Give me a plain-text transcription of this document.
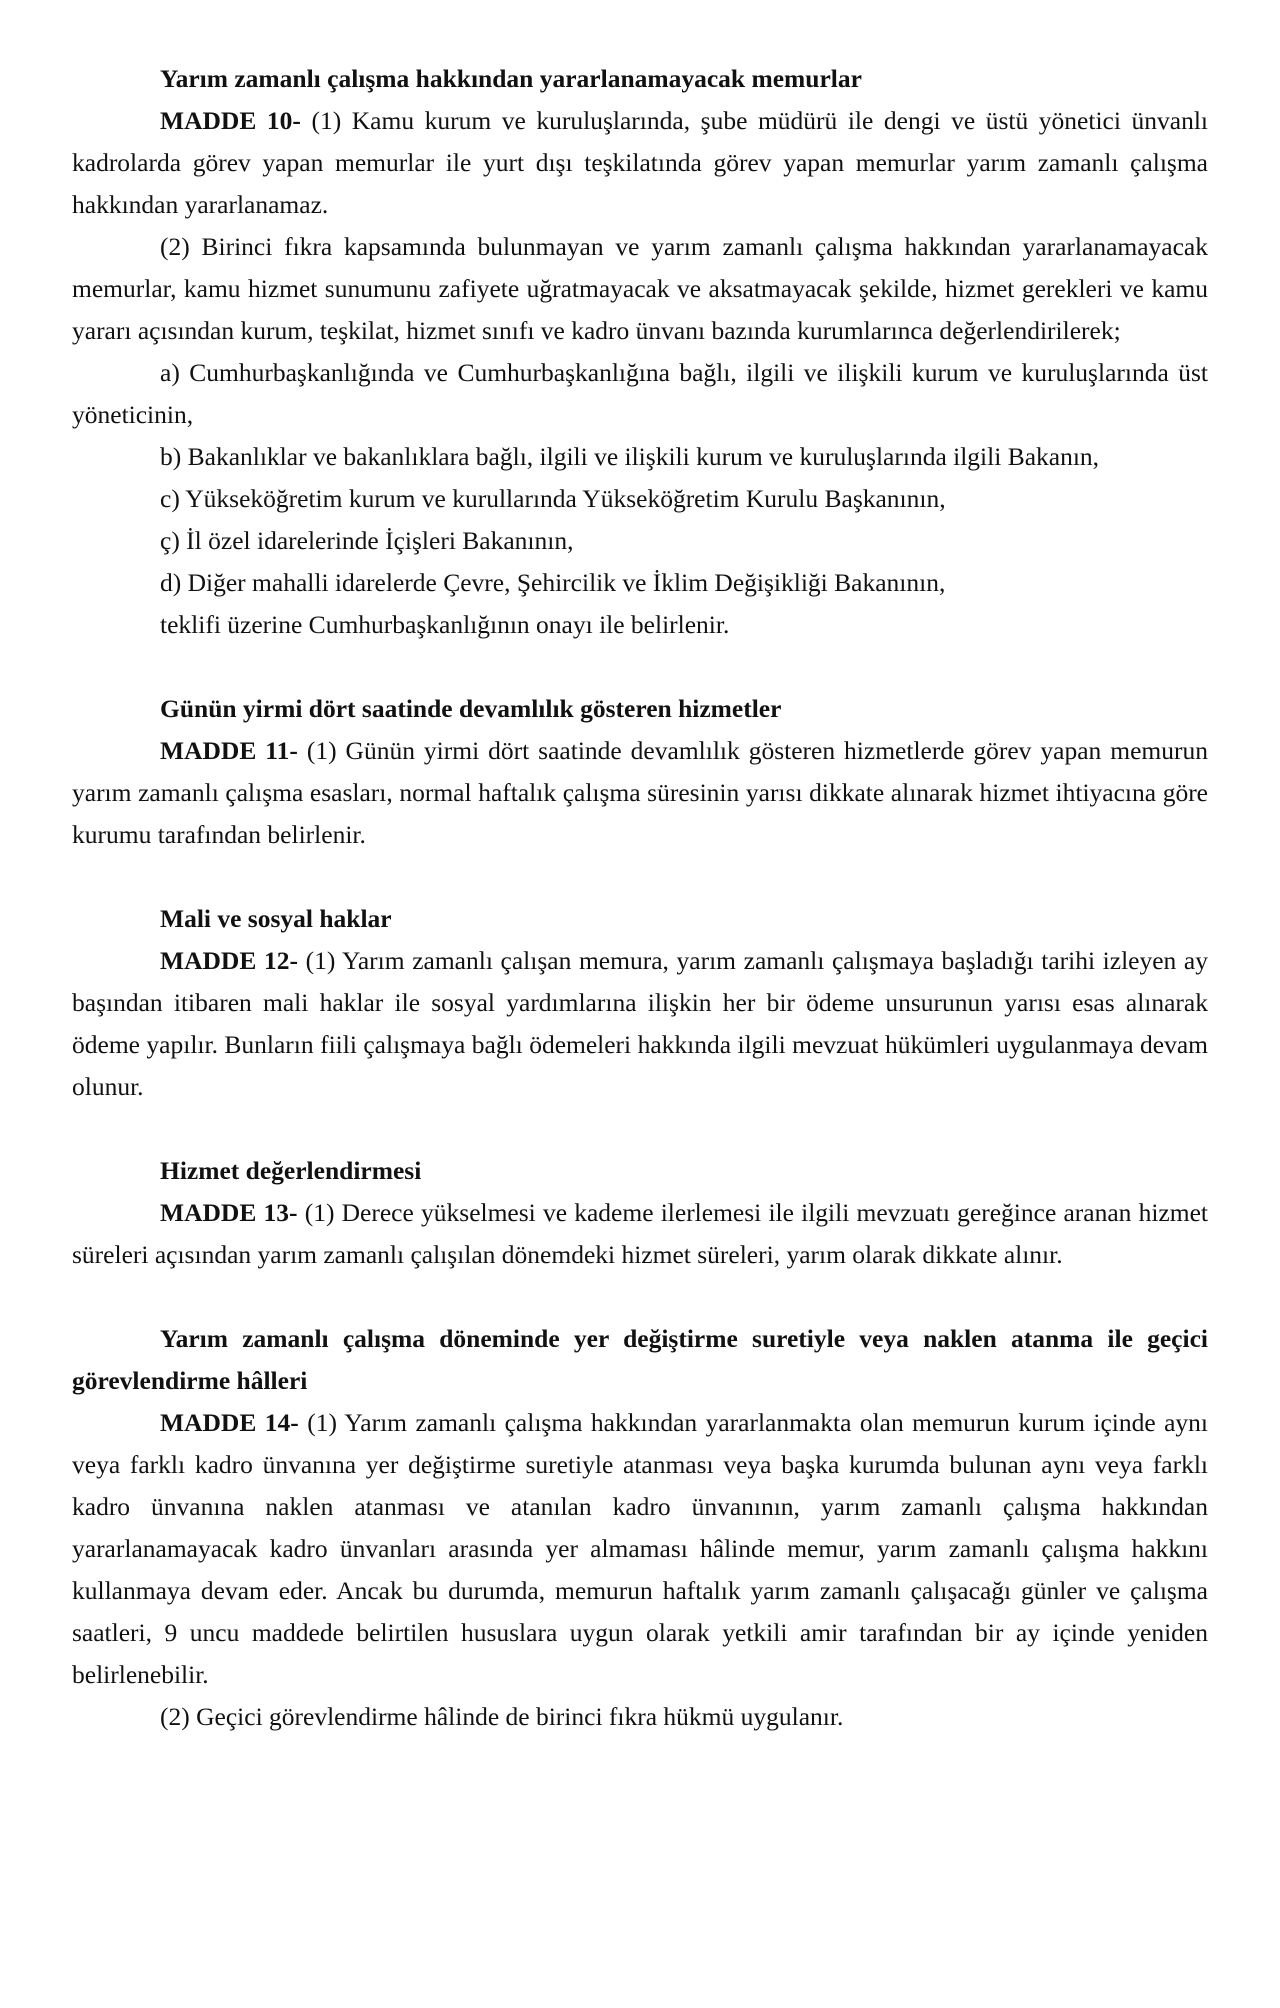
Yarım zamanlı çalışma hakkından yararlanamayacak memurlar

MADDE 10- (1) Kamu kurum ve kuruluşlarında, şube müdürü ile dengi ve üstü yönetici ünvanlı kadrolarda görev yapan memurlar ile yurt dışı teşkilatında görev yapan memurlar yarım zamanlı çalışma hakkından yararlanamaz.

(2) Birinci fıkra kapsamında bulunmayan ve yarım zamanlı çalışma hakkından yararlanamayacak memurlar, kamu hizmet sunumunu zafiyete uğratmayacak ve aksatmayacak şekilde, hizmet gerekleri ve kamu yararı açısından kurum, teşkilat, hizmet sınıfı ve kadro ünvanı bazında kurumlarınca değerlendirilerek;

a) Cumhurbaşkanlığında ve Cumhurbaşkanlığına bağlı, ilgili ve ilişkili kurum ve kuruluşlarında üst yöneticinin,

b) Bakanlıklar ve bakanlıklara bağlı, ilgili ve ilişkili kurum ve kuruluşlarında ilgili Bakanın,

c) Yükseköğretim kurum ve kurullarında Yükseköğretim Kurulu Başkanının,

ç) İl özel idarelerinde İçişleri Bakanının,

d) Diğer mahalli idarelerde Çevre, Şehircilik ve İklim Değişikliği Bakanının,

teklifi üzerine Cumhurbaşkanlığının onayı ile belirlenir.

Günün yirmi dört saatinde devamlılık gösteren hizmetler

MADDE 11- (1) Günün yirmi dört saatinde devamlılık gösteren hizmetlerde görev yapan memurun yarım zamanlı çalışma esasları, normal haftalık çalışma süresinin yarısı dikkate alınarak hizmet ihtiyacına göre kurumu tarafından belirlenir.

Mali ve sosyal haklar

MADDE 12- (1) Yarım zamanlı çalışan memura, yarım zamanlı çalışmaya başladığı tarihi izleyen ay başından itibaren mali haklar ile sosyal yardımlarına ilişkin her bir ödeme unsurunun yarısı esas alınarak ödeme yapılır. Bunların fiili çalışmaya bağlı ödemeleri hakkında ilgili mevzuat hükümleri uygulanmaya devam olunur.

Hizmet değerlendirmesi

MADDE 13- (1) Derece yükselmesi ve kademe ilerlemesi ile ilgili mevzuatı gereğince aranan hizmet süreleri açısından yarım zamanlı çalışılan dönemdeki hizmet süreleri, yarım olarak dikkate alınır.

Yarım zamanlı çalışma döneminde yer değiştirme suretiyle veya naklen atanma ile geçici görevlendirme hâlleri

MADDE 14- (1) Yarım zamanlı çalışma hakkından yararlanmakta olan memurun kurum içinde aynı veya farklı kadro ünvanına yer değiştirme suretiyle atanması veya başka kurumda bulunan aynı veya farklı kadro ünvanına naklen atanması ve atanılan kadro ünvanının, yarım zamanlı çalışma hakkından yararlanamayacak kadro ünvanları arasında yer almaması hâlinde memur, yarım zamanlı çalışma hakkını kullanmaya devam eder. Ancak bu durumda, memurun haftalık yarım zamanlı çalışacağı günler ve çalışma saatleri, 9 uncu maddede belirtilen hususlara uygun olarak yetkili amir tarafından bir ay içinde yeniden belirlenebilir.

(2) Geçici görevlendirme hâlinde de birinci fıkra hükmü uygulanır.
